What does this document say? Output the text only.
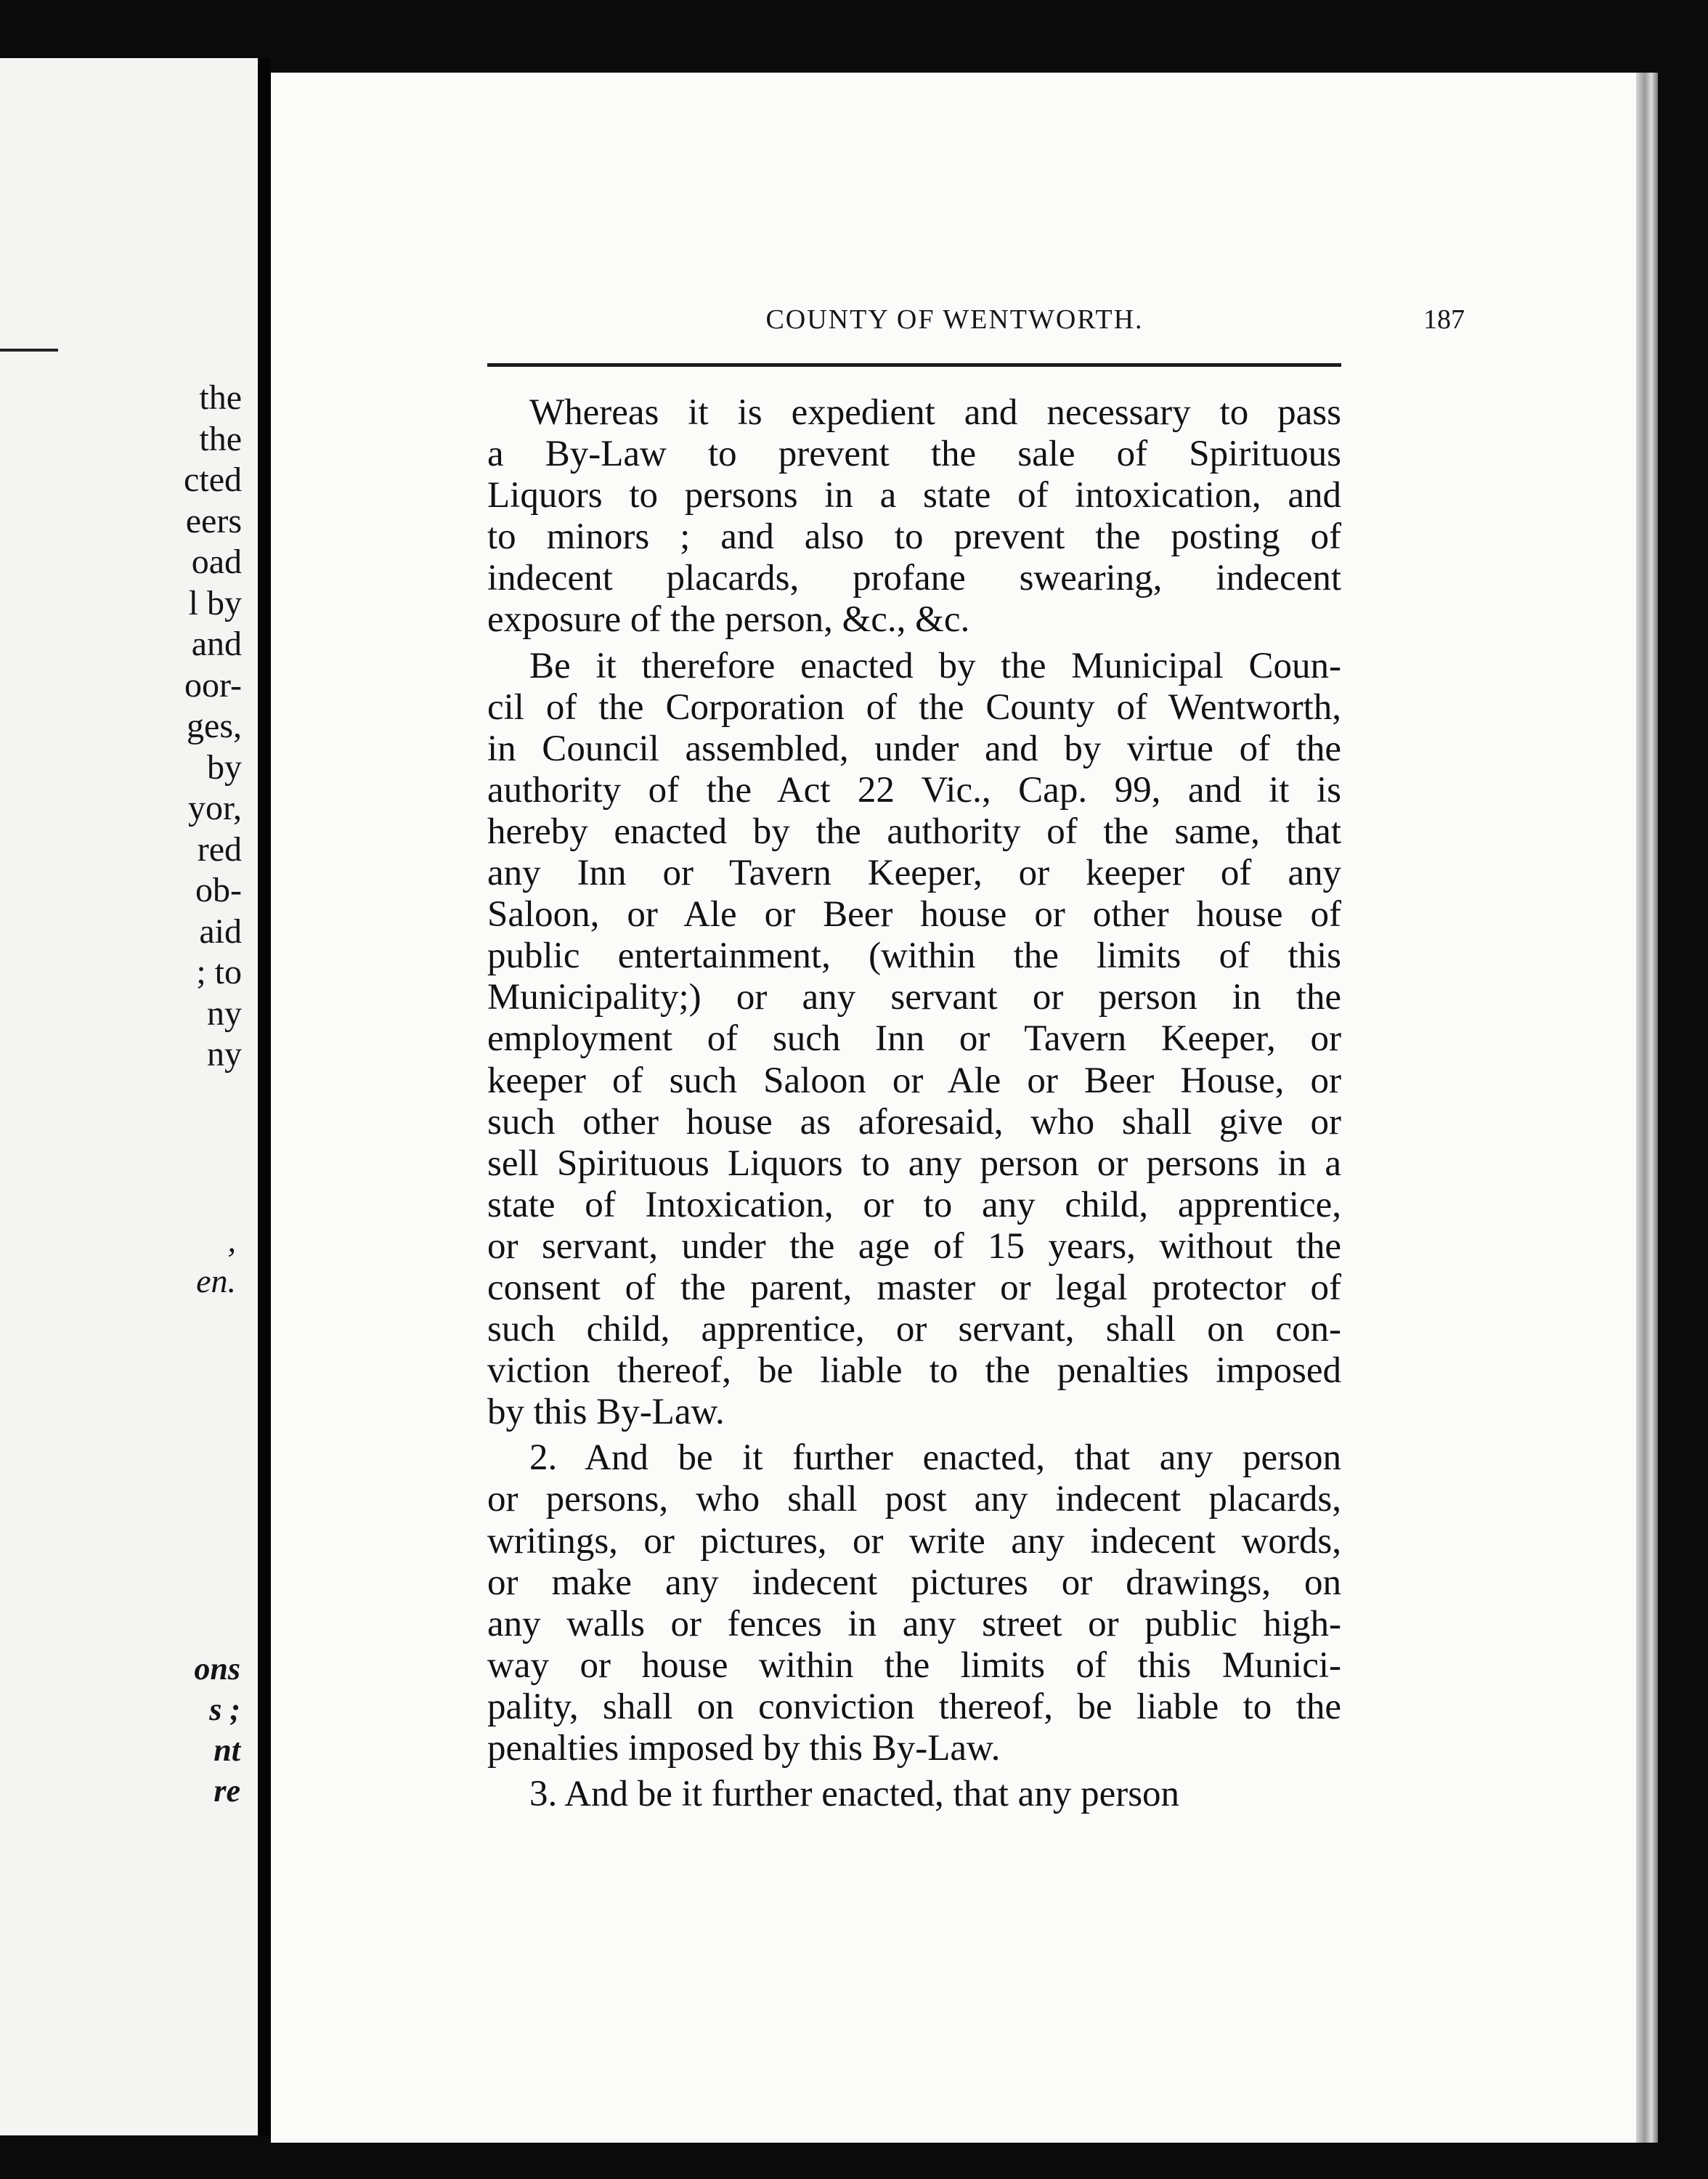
the
the
cted
eers
oad
l by
and
oor-
ges,
by
yor,
red
ob-
aid
; to
ny
ny
,
en.
ons
s ;
nt
re
COUNTY OF WENTWORTH.	187
Whereas it is expedient and necessary to pass
a By-Law to prevent the sale of Spirituous
Liquors to persons in a state of intoxication, and
to minors ; and also to prevent the posting of
indecent placards, profane swearing, indecent
exposure of the person, &c., &c.
Be it therefore enacted by the Municipal Coun-
cil of the Corporation of the County of Wentworth,
in Council assembled, under and by virtue of the
authority of the Act 22 Vic., Cap. 99, and it is
hereby enacted by the authority of the same, that
any Inn or Tavern Keeper, or keeper of any
Saloon, or Ale or Beer house or other house of
public entertainment, (within the limits of this
Municipality;) or any servant or person in the
employment of such Inn or Tavern Keeper, or
keeper of such Saloon or Ale or Beer House, or
such other house as aforesaid, who shall give or
sell Spirituous Liquors to any person or persons in a
state of Intoxication, or to any child, apprentice,
or servant, under the age of 15 years, without the
consent of the parent, master or legal protector of
such child, apprentice, or servant, shall on con-
viction thereof, be liable to the penalties imposed
by this By-Law.
2. And be it further enacted, that any person
or persons, who shall post any indecent placards,
writings, or pictures, or write any indecent words,
or make any indecent pictures or drawings, on
any walls or fences in any street or public high-
way or house within the limits of this Munici-
pality, shall on conviction thereof, be liable to the
penalties imposed by this By-Law.
3. And be it further enacted, that any person
